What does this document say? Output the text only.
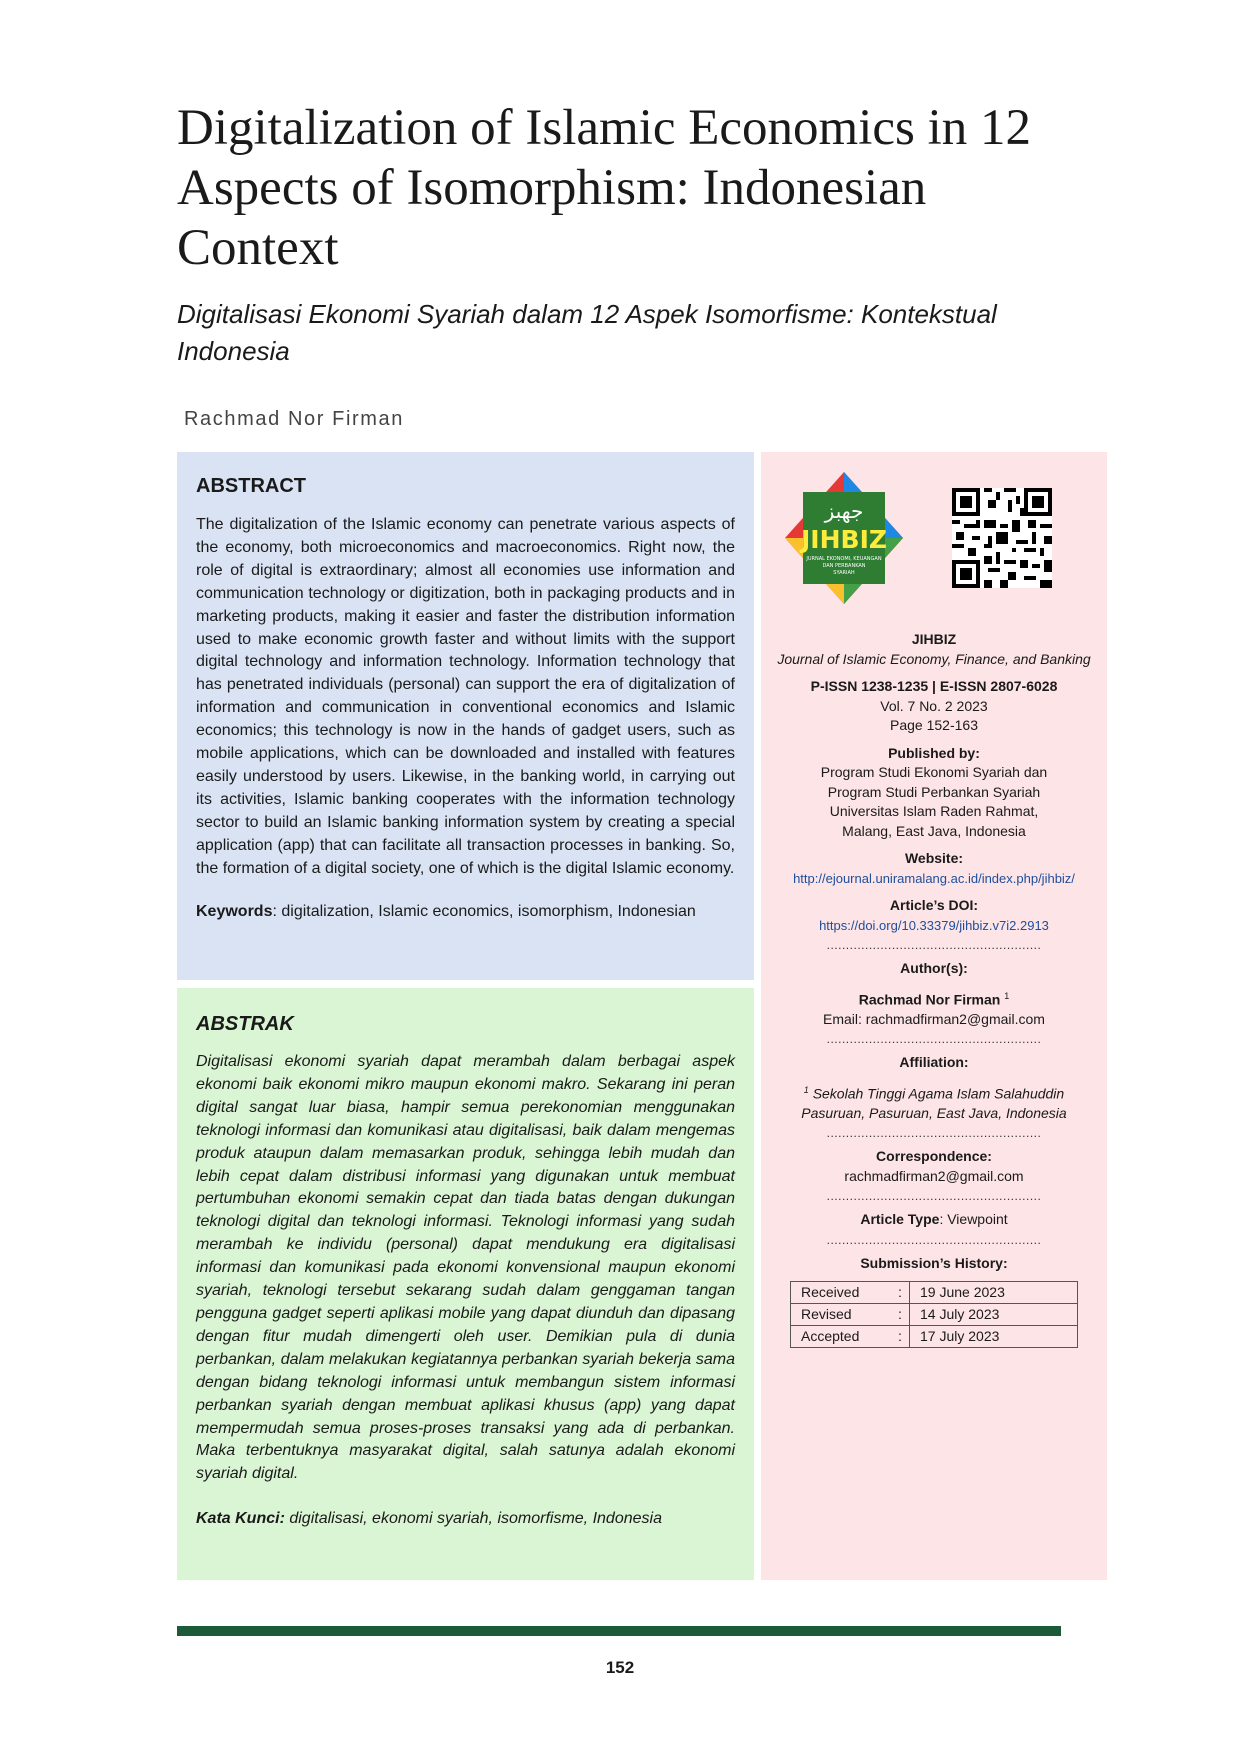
Digitalization of Islamic Economics in 12 Aspects of Isomorphism: Indonesian Context

Digitalisasi Ekonomi Syariah dalam 12 Aspek Isomorfisme: Kontekstual Indonesia

Rachmad Nor Firman

ABSTRACT

The digitalization of the Islamic economy can penetrate various aspects of the economy, both microeconomics and macroeconomics. Right now, the role of digital is extraordinary; almost all economies use information and communication technology or digitization, both in packaging products and in marketing products, making it easier and faster the distribution information used to make economic growth faster and without limits with the support digital technology and information technology. Information technology that has penetrated individuals (personal) can support the era of digitalization of information and communication in conventional economics and Islamic economics; this technology is now in the hands of gadget users, such as mobile applications, which can be downloaded and installed with features easily understood by users. Likewise, in the banking world, in carrying out its activities, Islamic banking cooperates with the information technology sector to build an Islamic banking information system by creating a special application (app) that can facilitate all transaction processes in banking. So, the formation of a digital society, one of which is the digital Islamic economy.

Keywords: digitalization, Islamic economics, isomorphism, Indonesian

ABSTRAK

Digitalisasi ekonomi syariah dapat merambah dalam berbagai aspek ekonomi baik ekonomi mikro maupun ekonomi makro. Sekarang ini peran digital sangat luar biasa, hampir semua perekonomian menggunakan teknologi informasi dan komunikasi atau digitalisasi, baik dalam mengemas produk ataupun dalam memasarkan produk, sehingga lebih mudah dan lebih cepat dalam distribusi informasi yang digunakan untuk membuat pertumbuhan ekonomi semakin cepat dan tiada batas dengan dukungan teknologi digital dan teknologi informasi. Teknologi informasi yang sudah merambah ke individu (personal) dapat mendukung era digitalisasi informasi dan komunikasi pada ekonomi konvensional maupun ekonomi syariah, teknologi tersebut sekarang sudah dalam genggaman tangan pengguna gadget seperti aplikasi mobile yang dapat diunduh dan dipasang dengan fitur mudah dimengerti oleh user. Demikian pula di dunia perbankan, dalam melakukan kegiatannya perbankan syariah bekerja sama dengan bidang teknologi informasi untuk membangun sistem informasi perbankan syariah dengan membuat aplikasi khusus (app) yang dapat mempermudah semua proses-proses transaksi yang ada di perbankan. Maka terbentuknya masyarakat digital, salah satunya adalah ekonomi syariah digital.

Kata Kunci: digitalisasi, ekonomi syariah, isomorfisme, Indonesia

جهبز
JIHBIZ
JURNAL EKONOMI, KEUANGAN
DAN PERBANKAN
SYARIAH

JIHBIZ

Journal of Islamic Economy, Finance, and Banking

P-ISSN 1238-1235 | E-ISSN 2807-6028

Vol. 7 No. 2 2023

Page 152-163

Published by:

Program Studi Ekonomi Syariah dan

Program Studi Perbankan Syariah

Universitas Islam Raden Rahmat,

Malang, East Java, Indonesia

Website:

http://ejournal.uniramalang.ac.id/index.php/jihbiz/

Article’s DOI:

https://doi.org/10.33379/jihbiz.v7i2.2913

........................................................

Author(s):

Rachmad Nor Firman $^1$

Email: rachmadfirman2@gmail.com

........................................................

Affiliation:

$^1$ Sekolah Tinggi Agama Islam Salahuddin

Pasuruan, Pasuruan, East Java, Indonesia

........................................................

Correspondence:

rachmadfirman2@gmail.com

........................................................

Article Type: Viewpoint

........................................................

Submission’s History:

Received	:	19 June 2023
Revised	:	14 July 2023
Accepted	:	17 July 2023

152
